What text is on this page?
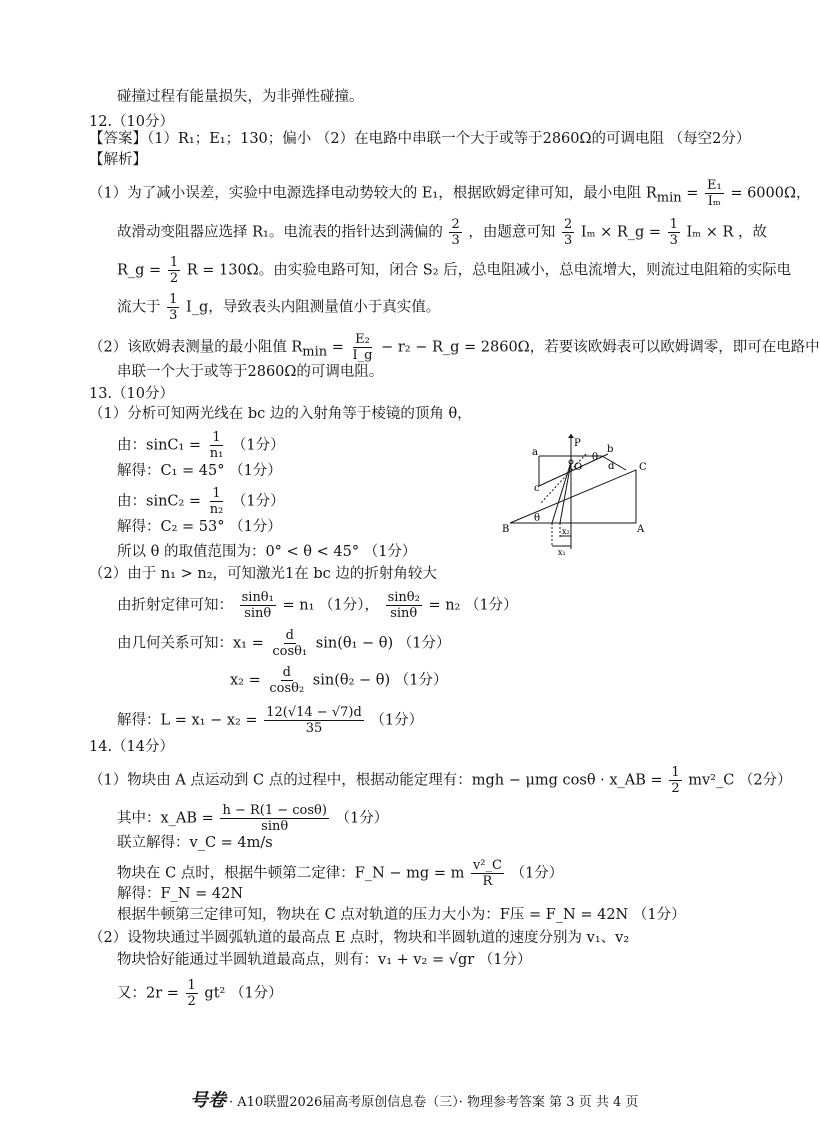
碰撞过程有能量损失，为非弹性碰撞。
12.（10分）
【答案】（1）R₁；E₁；130；偏小 （2）在电路中串联一个大于或等于2860Ω的可调电阻 （每空2分）
【解析】
（1）为了减小误差，实验中电源选择电动势较大的 E₁，根据欧姆定律可知，最小电阻 $R_{min} = \frac{\text{E₁}}{\text{Iₘ}} = 6000\Omega$，
故滑动变阻器应选择 R₁。电流表的指针达到满偏的 $\frac{2}{3}$ ，由题意可知 $\frac{2}{3}$ Iₘ × R_g = $\frac{1}{3}$ Iₘ × R ，故
R_g = $\frac{1}{2}$ R = 130Ω。由实验电路可知，闭合 S₂ 后，总电阻减小，总电流增大，则流过电阻箱的实际电
流大于 $\frac{1}{3}$ I_g，导致表头内阻测量值小于真实值。
（2）该欧姆表测量的最小阻值 $R_{min} = \frac{\text{E₂}}{I\_g} - r_2$ − R_g = 2860Ω，若要该欧姆表可以欧姆调零，即可在电路中
串联一个大于或等于2860Ω的可调电阻。
13.（10分）
（1）分析可知两光线在 bc 边的入射角等于棱镜的顶角 θ，
由：$\sin C_1 = \frac{1}{\text{n₁}} (1$分）
解得：C₁ = 45° （1分）
由：$\sin C_2 = \frac{1}{\text{n₂}} (1$分）
解得：C₂ = 53° （1分）
所以 θ 的取值范围为：0° < θ < 45° （1分）
（2）由于 n₁ > n₂，可知激光1在 bc 边的折射角较大
由折射定律可知： $\frac{\text{sinθ₁}}{\sin\theta} = n_1$ （1分）， $\frac{\text{sinθ₂}}{\sin\theta} = n_2$ （1分）
由几何关系可知：$x_1 = \frac{d}{\text{cosθ₁}} \sin(\theta_1 - \theta)$ （1分）
$x_2 = \frac{d}{\text{cosθ₂}} \sin(\theta_2 - \theta)$ （1分）
解得：$L = x_1 - x_2 = \frac{12(√14 - √7)d}{35} (1$分）
P
a	b
θ
d
O
c
C
θ
B	A
x₂
x₁
14.（14分）
（1）物块由 A 点运动到 C 点的过程中，根据动能定理有：mgh − μmg cosθ · x_AB = $\frac{1}{2}$ mv²_C （2分）
其中：x_AB = $\frac{h - R(1 - \cos\theta)}{\sin\theta} (1$分）
联立解得：v_C = 4m/s
物块在 C 点时，根据牛顿第二定律：F_N − mg = m $\frac{\text{v²\_C}}{R} (1$分）
解得：F_N = 42N
根据牛顿第三定律可知，物块在 C 点对轨道的压力大小为：F压 = F_N = 42N （1分）
（2）设物块通过半圆弧轨道的最高点 E 点时，物块和半圆轨道的速度分别为 v₁、v₂
物块恰好能通过半圆轨道最高点，则有：v₁ + v₂ = √gr （1分）
又：$2r = \frac{1}{2} gt^2$ （1分）
号卷 · A10联盟2026届高考原创信息卷（三）· 物理参考答案 第 3 页 共 4 页
